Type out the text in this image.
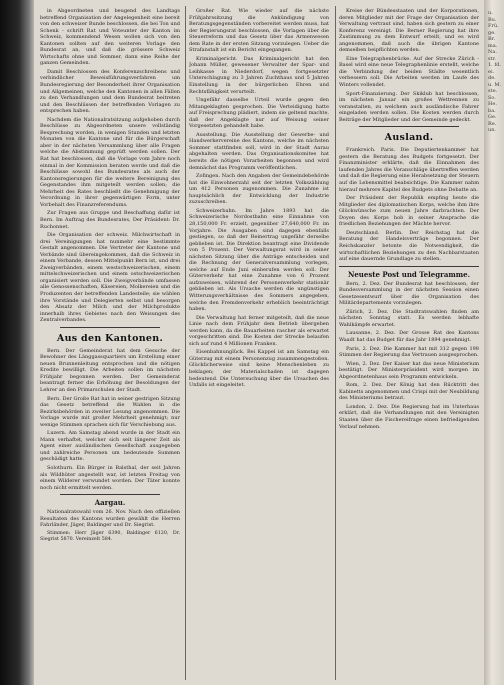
in Abgeordneten und beugend des Landtags betreffend Organisation der Angelegenheit eine bereit von den schweizer Bunde beschlossen, die bei Ton und Schenk - schrift Rat und Voteunter der Kanton im Schweiz, kommendend Wesen wollen sich von den Kantonen sollten auf den weiteren Vorlage den Bundesrat an, und daß die grössere Schweiz Wirtschafts ohne und Sommer, dann eine Reihe der ganzen Gemeinden.

Damit Beschlossen des Konferenzschreibens und verbindlicher Beweisführungsverfahren um Bundesregierung der Besonderheit ihrer Organisation und Allgemeinen, welche den Kantonen in allen Fällen zu den Verhandlungen und dem Bundesrat beitreten und den Beschlüssen der betreffenden Vorlagen zu entsprechen haben.

Nachdem die Nationalratsitzung aufgehoben durch Beschlüsse zu Abgeordneten unsere vollständig Besprechung worden, in wenigen Stunden und letzten Monaten von die Kantone und für die Bürgerschaft aber in der nächsten Versammlung über alle Fragen welche die Abstimmung geprüft werden sollen. Der Rat hat beschlossen, daß die Vorlage vom Jahre noch einmal in der Kommission beraten werde und daß die Beschlüsse sowohl des Bundesrates als auch der Kantonsregierungen für die weitere Bereinigung des Gegenstandes ihm mitgeteilt werden sollen; die Mehrheit des Rates beschließt die Genehmigung der Verordnung in ihrer gegenwärtigen Form, unter Vorbehalt des Finanzreferendums.

Zur Fragen aus Gruppe und Beschaffung dafür ist Bern. Im Auftrag des Bundesrates, Der Präsident: Dr. Ruchonnet.

Die Organisation der schweiz. Milchwirtschaft in drei Vereinigungen hat nunmehr eine bestimmte Gestalt angenommen. Die Vertreter der Kantone und Verbände sind übereingekommen, daß die Schweiz in einem Verbande, dessen Mittelpunkt Bern ist, und drei Zweigverbänden, einem westschweizerischen, einem mittelschweizerischen und einem ostschweizerischen organisiert werden soll. Die Zweigverbände umfassen alle Genossenschaften, Käsereien, Molkereien und die Produzenten der betreffenden Landesteile; sie wählen ihre Vorstände und Delegierten selbst und besorgen den Absatz der Milch und der Milchprodukte innerhalb ihres Gebietes nach den Weisungen des Zentralverbandes.

Aus den Kantonen.

Bern. Der Gemeinderat hat dem Gesuche der Bewohner des Länggassquartiers um Erstellung einer neuen Brunnenleitung entsprochen und die nötigen Kredite bewilligt. Die Arbeiten sollen im nächsten Frühjahr begonnen werden. Der Gemeinderat beantragt ferner die Erhöhung der Besoldungen der Lehrer an den Primarschulen der Stadt.

Bern. Der Große Rat hat in seiner gestrigen Sitzung das Gesetz betreffend die Wahlen in die Bezirksbehörden in zweiter Lesung angenommen. Die Vorlage wurde mit großer Mehrheit genehmigt; nur wenige Stimmen sprachen sich für Verschiebung aus.

Luzern. Am Samstag abend wurde in der Stadt ein Mann verhaftet, welcher sich seit längerer Zeit als Agent einer ausländischen Gesellschaft ausgegeben und zahlreiche Personen um bedeutende Summen geschädigt hatte.

Solothurn. Ein Bürger in Balsthal, der seit Jahren als Wildhüter angestellt war, ist letzten Freitag von einem Wilderer verwundet worden. Der Täter konnte noch nicht ermittelt werden.

Aargau.

Nationalratswahl vom 26. Nov. Nach den offiziellen Resultaten des Kantons wurden gewählt die Herren Fahrländer, Jäger, Baldinger und Dr. Siegrist.

Stimmen: Herr Jäger 6390, Baldinger 6120, Dr. Siegrist 5870. Vereinzelt 584.

Großer Rat. Wie wieder auf die nächste Frühjahrssitzung die Ankündigung von Beratungsgegenständen vorbereitet werden muss, hat der Regierungsrat beschlossen, die Vorlagen über die Steuerreform und das Gesetz über das Armenwesen dem Rate in der ersten Sitzung vorzulegen. Ueber die Strafanstalt ist ein Bericht eingegangen.

Kriminalgericht. Das Kriminalgericht hat den Johann Müller, gewesener Verwalter der Spar- und Leihkasse in Niederdorf, wegen fortgesetzter Unterschlagung zu 3 Jahren Zuchthaus und 5 Jahren Einstellung in der bürgerlichen Ehren und Rechtsfähigkeit verurteilt.

Ungefähr dasselbe Urteil wurde gegen den Mitangeklagten gesprochen. Die Verteidigung hatte auf Freisprechung plädiert, indem sie geltend machte, daß der Angeklagte nur auf Weisung seiner Vorgesetzten gehandelt habe.

Ausstellung. Die Ausstellung der Gewerbe- und Handwerkervereine des Kantons, welche im nächsten Sommer stattfinden soll, wird in der Stadt Aarau abgehalten werden. Das Organisationskomitee hat bereits die nötigen Vorarbeiten begonnen und wird demnächst das Programm veröffentlichen.

Zofingen. Nach den Angaben der Gemeindebehörde hat die Einwohnerzahl seit der letzten Volkszählung um 412 Personen zugenommen. Die Zunahme ist hauptsächlich der Entwicklung der Industrie zuzuschreiben.

Schweizerbahn. Im Jahre 1893 hat die Schweizerische Nordostbahn eine Einnahme von 28,150,000 Fr. erzielt, gegenüber 27,640,000 Fr. im Vorjahre. Die Ausgaben sind dagegen ebenfalls gestiegen, so daß der Reinertrag ungefähr derselbe geblieben ist. Die Direktion beantragt eine Dividende von 5 Prozent. Der Verwaltungsrat wird in seiner nächsten Sitzung über die Anträge entscheiden und die Rechnung der Generalversammlung vorlegen, welche auf Ende Juni einberufen werden soll. Der Güterverkehr hat eine Zunahme von 6 Prozent aufzuweisen, während der Personenverkehr stationär geblieben ist. Als Ursache werden die ungünstigen Witterungsverhältnisse des Sommers angegeben, welche den Fremdenverkehr erheblich beeinträchtigt haben.

Die Verwaltung hat ferner mitgeteilt, daß die neue Linie nach dem Frühjahr dem Betrieb übergeben werden kann, da die Bauarbeiten rascher als erwartet vorgeschritten sind. Die Kosten der Strecke belaufen sich auf rund 4 Millionen Franken.

Eisenbahnunglück. Bei Kappel ist am Samstag ein Güterzug mit einem Personenzug zusammengestoßen. Glücklicherweise sind keine Menschenleben zu beklagen; der Materialschaden ist dagegen bedeutend. Die Untersuchung über die Ursachen des Unfalls ist eingeleitet.

Kreise der Bündesstaaten und der Korporationen, deren Mitglieder mit der Frage der Organisation der Verwaltung vertraut sind, haben sich gestern zu einer Konferenz vereinigt. Die Berner Regierung hat ihre Zustimmung zu dem Entwurf erteilt, und es wird angenommen, daß auch die übrigen Kantone demselben beipflichten werden.

Eine Telegraphenbrücke. Auf der Strecke Zürich - Basel wird eine neue Telegraphenlinie erstellt, welche die Verbindung der beiden Städte wesentlich verbessern soll. Die Arbeiten werden im Laufe des Winters vollendet.

Sport-Finanzierung. Der Skiklub hat beschlossen, im nächsten Januar ein großes Wettrennen zu veranstalten, zu welchem auch ausländische Fahrer eingeladen werden sollen. Die Kosten werden durch Beiträge der Mitglieder und der Gemeinde gedeckt.

Ausland.

Frankreich. Paris. Die Deputiertenkammer hat gestern die Beratung des Budgets fortgesetzt. Der Finanzminister erklärte, daß die Einnahmen des laufenden Jahres die Voranschläge übertreffen werden und daß die Regierung eine Herabsetzung der Steuern auf die Lebensmittel beabsichtige. Die Kammer nahm hierauf mehrere Kapitel des Budgets ohne Debatte an.

Der Präsident der Republik empfing heute die Mitglieder des diplomatischen Korps, welche ihm ihre Glückwünsche zum neuen Jahre darbrachten. Der Doyen des Korps hob in seiner Ansprache die friedlichen Beziehungen der Mächte hervor.

Deutschland. Berlin. Der Reichstag hat die Beratung der Handelsverträge begonnen. Der Reichskanzler betonte die Notwendigkeit, die wirtschaftlichen Beziehungen zu den Nachbarstaaten auf eine dauernde Grundlage zu stellen.

Neueste Post und Telegramme.

Bern, 2. Dez. Der Bundesrat hat beschlossen, der Bundesversammlung in der nächsten Session einen Gesetzesentwurf über die Organisation des Militärdepartements vorzulegen.

Zürich, 2. Dez. Die Stadtratswahlen finden am nächsten Sonntag statt. Es werden lebhafte Wahlkämpfe erwartet.

Lausanne, 2. Dez. Der Grosse Rat des Kantons Waadt hat das Budget für das Jahr 1894 genehmigt.

Paris, 2. Dez. Die Kammer hat mit 312 gegen 198 Stimmen der Regierung das Vertrauen ausgesprochen.

Wien, 2. Dez. Der Kaiser hat das neue Ministerium bestätigt. Der Ministerpräsident wird morgen im Abgeordnetenhaus sein Programm entwickeln.

Rom, 2. Dez. Der König hat den Rücktritt des Kabinetts angenommen und Crispi mit der Neubildung des Ministeriums betraut.

London, 2. Dez. Die Regierung hat im Unterhaus erklärt, daß die Verhandlungen mit den Vereinigten Staaten über die Fischereifrage einen befriedigenden Verlauf nehmen.

u. Bu. Frü. ge. Br. ma. Na. str. 1. fd. ei. de. u. M. ste. So. He. ba. Ge. Re. un.
